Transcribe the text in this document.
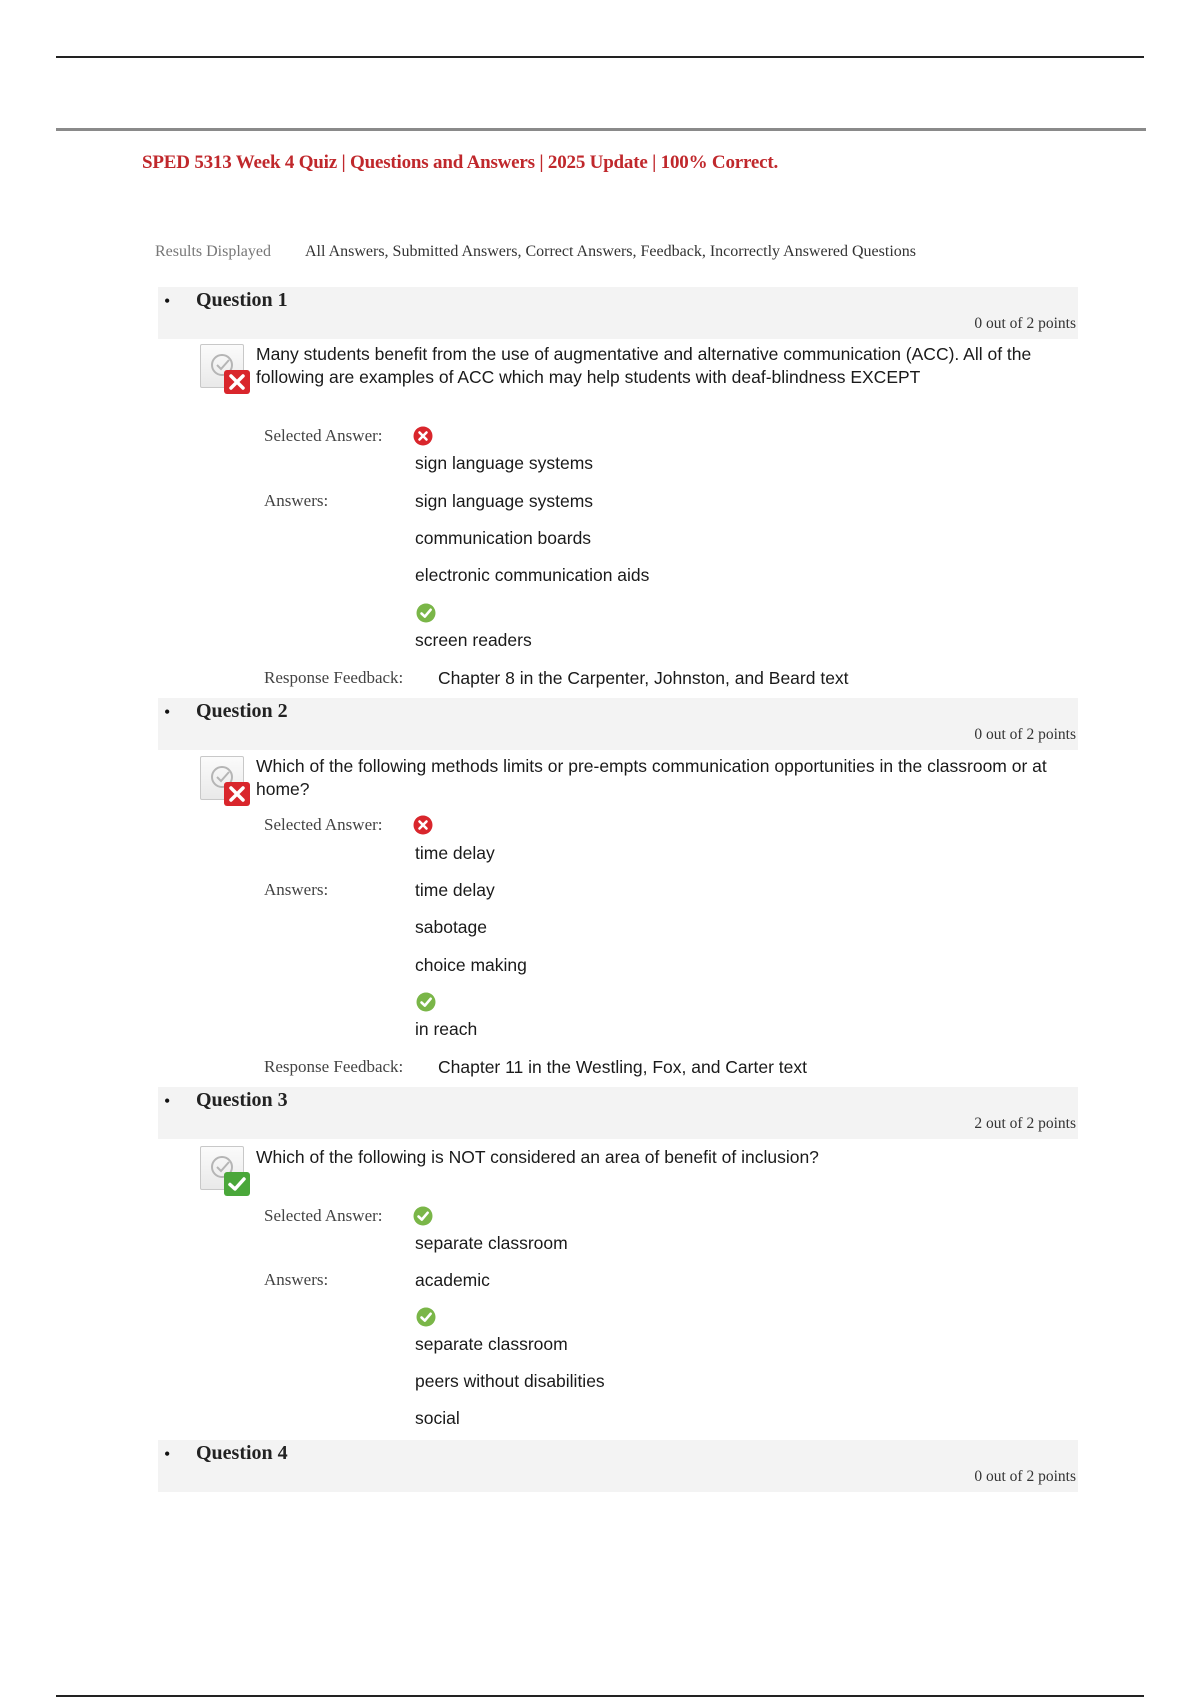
SPED 5313 Week 4 Quiz | Questions and Answers | 2025 Update | 100% Correct.
Results Displayed All Answers, Submitted Answers, Correct Answers, Feedback, Incorrectly Answered Questions
• Question 1
0 out of 2 points
Many students benefit from the use of augmentative and alternative communication (ACC). All of the following are examples of ACC which may help students with deaf-blindness EXCEPT
Selected Answer:
sign language systems
Answers:	sign language systems
communication boards
electronic communication aids
screen readers
Response Feedback: Chapter 8 in the Carpenter, Johnston, and Beard text
• Question 2
0 out of 2 points
Which of the following methods limits or pre-empts communication opportunities in the classroom or at home?
Selected Answer:
time delay
Answers:	time delay
sabotage
choice making
in reach
Response Feedback: Chapter 11 in the Westling, Fox, and Carter text
• Question 3
2 out of 2 points
Which of the following is NOT considered an area of benefit of inclusion?
Selected Answer:
separate classroom
Answers:	academic
separate classroom
peers without disabilities
social
• Question 4
0 out of 2 points
